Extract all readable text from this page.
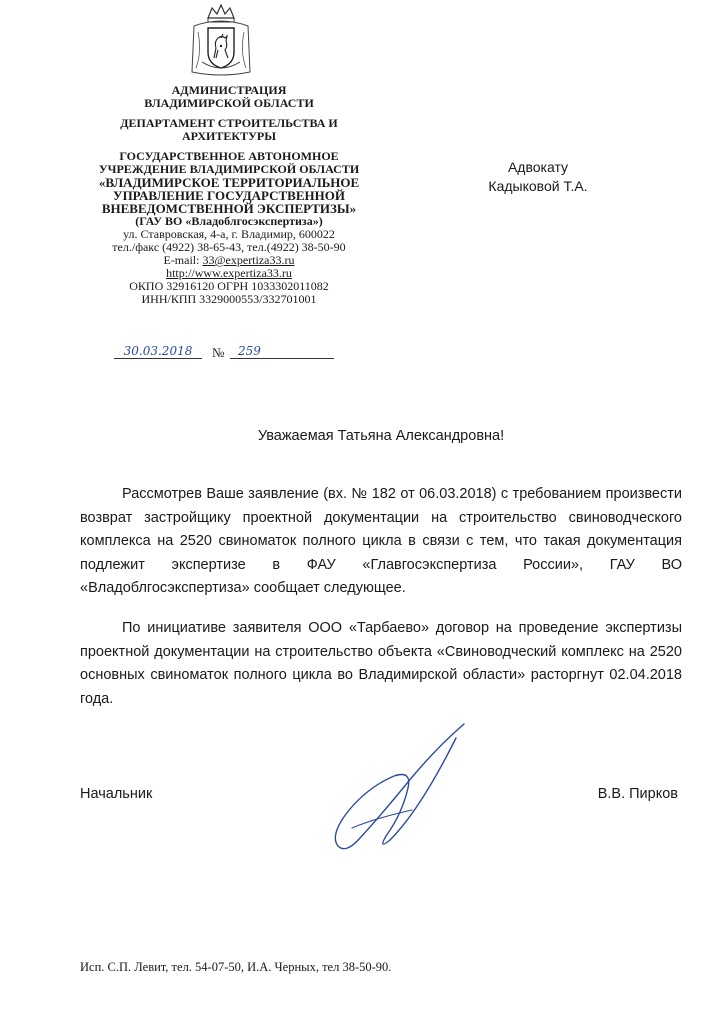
АДМИНИСТРАЦИЯ
ВЛАДИМИРСКОЙ ОБЛАСТИ
ДЕПАРТАМЕНТ СТРОИТЕЛЬСТВА И
АРХИТЕКТУРЫ
ГОСУДАРСТВЕННОЕ АВТОНОМНОЕ
УЧРЕЖДЕНИЕ ВЛАДИМИРСКОЙ ОБЛАСТИ
«ВЛАДИМИРСКОЕ ТЕРРИТОРИАЛЬНОЕ
УПРАВЛЕНИЕ ГОСУДАРСТВЕННОЙ
ВНЕВЕДОМСТВЕННОЙ ЭКСПЕРТИЗЫ»
(ГАУ ВО «Владоблгосэкспертиза»)
ул. Ставровская, 4-а, г. Владимир, 600022
тел./факс (4922) 38-65-43, тел.(4922) 38-50-90
E-mail: 33@expertiza33.ru
http://www.expertiza33.ru
ОКПО 32916120 ОГРН 1033302011082
ИНН/КПП 3329000553/332701001
Адвокату
Кадыковой Т.А.
30.03.2018	№	259
Уважаемая Татьяна Александровна!

Рассмотрев Ваше заявление (вх. № 182 от 06.03.2018) с требованием произвести возврат застройщику проектной документации на строительство свиноводческого комплекса на 2520 свиноматок полного цикла в связи с тем, что такая документация подлежит экспертизе в ФАУ «Главгосэкспертиза России», ГАУ ВО «Владоблгосэкспертиза» сообщает следующее.

По инициативе заявителя ООО «Тарбаево» договор на проведение экспертизы проектной документации на строительство объекта «Свиноводческий комплекс на 2520 основных свиноматок полного цикла во Владимирской области» расторгнут 02.04.2018 года.

Начальник	В.В. Пирков
Исп. С.П. Левит, тел. 54-07-50, И.А. Черных, тел 38-50-90.
